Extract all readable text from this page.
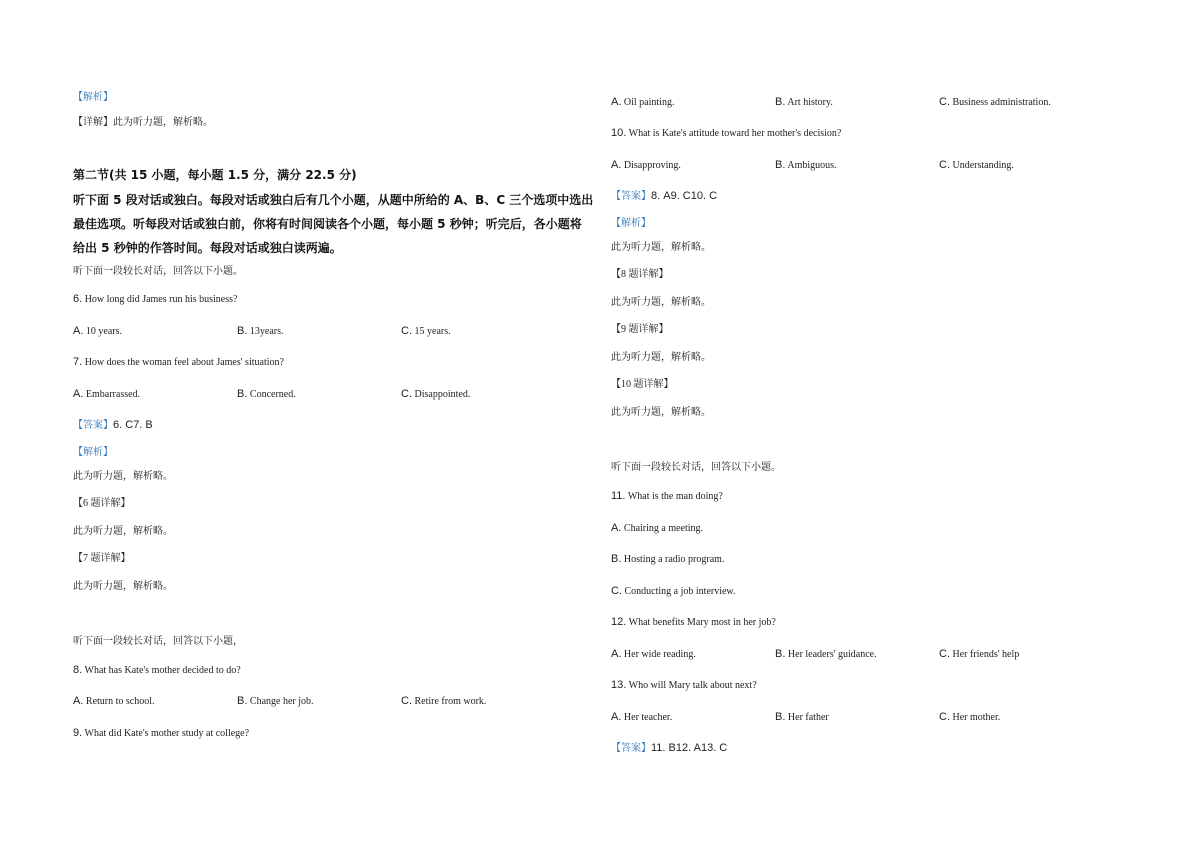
【解析】
【详解】此为听力题，解析略。
第二节(共 15 小题，每小题 1.5 分，满分 22.5 分)
听下面 5 段对话或独白。每段对话或独白后有几个小题，从题中所给的 A、B、C 三个选项中选出
最佳选项。听每段对话或独白前，你将有时间阅读各个小题，每小题 5 秒钟；听完后，各小题将
给出 5 秒钟的作答时间。每段对话或独白读两遍。
听下面一段较长对话，回答以下小题。
6. How long did James run his business?
A. 10 years.	B. 13years.	C. 15 years.
7. How does the woman feel about James' situation?
A. Embarrassed.	B. Concerned.	C. Disappointed.
【答案】6. C7. B
【解析】
此为听力题，解析略。
【6 题详解】
此为听力题，解析略。
【7 题详解】
此为听力题，解析略。
听下面一段较长对话，回答以下小题，
8. What has Kate's mother decided to do?
A. Return to school.	B. Change her job.	C. Retire from work.
9. What did Kate's mother study at college?
A. Oil painting.	B. Art history.	C. Business administration.
10. What is Kate's attitude toward her mother's decision?
A. Disapproving.	B. Ambiguous.	C. Understanding.
【答案】8. A9. C10. C
【解析】
此为听力题，解析略。
【8 题详解】
此为听力题，解析略。
【9 题详解】
此为听力题，解析略。
【10 题详解】
此为听力题，解析略。
听下面一段较长对话，回答以下小题。
11. What is the man doing?
A. Chairing a meeting.
B. Hosting a radio program.
C. Conducting a job interview.
12. What benefits Mary most in her job?
A. Her wide reading.	B. Her leaders' guidance.	C. Her friends' help
13. Who will Mary talk about next?
A. Her teacher.	B. Her father	C. Her mother.
【答案】11. B12. A13. C
